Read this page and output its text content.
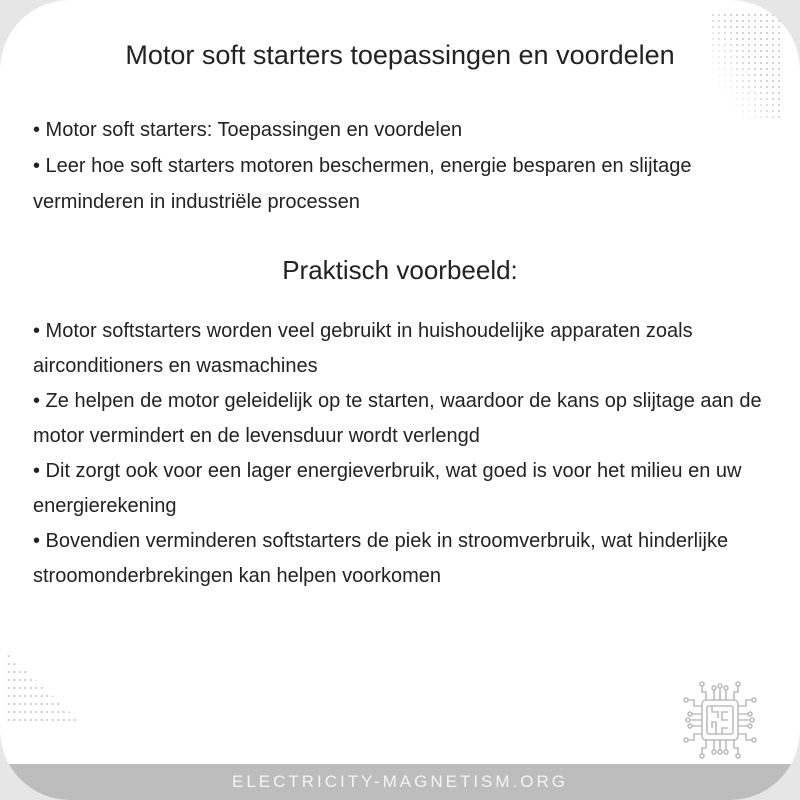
Motor soft starters toepassingen en voordelen

• Motor soft starters: Toepassingen en voordelen

• Leer hoe soft starters motoren beschermen, energie besparen en slijtage verminderen in industriële processen

Praktisch voorbeeld:

• Motor softstarters worden veel gebruikt in huishoudelijke apparaten zoals airconditioners en wasmachines

• Ze helpen de motor geleidelijk op te starten, waardoor de kans op slijtage aan de motor vermindert en de levensduur wordt verlengd

• Dit zorgt ook voor een lager energieverbruik, wat goed is voor het milieu en uw energierekening

• Bovendien verminderen softstarters de piek in stroomverbruik, wat hinderlijke stroomonderbrekingen kan helpen voorkomen

ELECTRICITY-MAGNETISM.ORG
